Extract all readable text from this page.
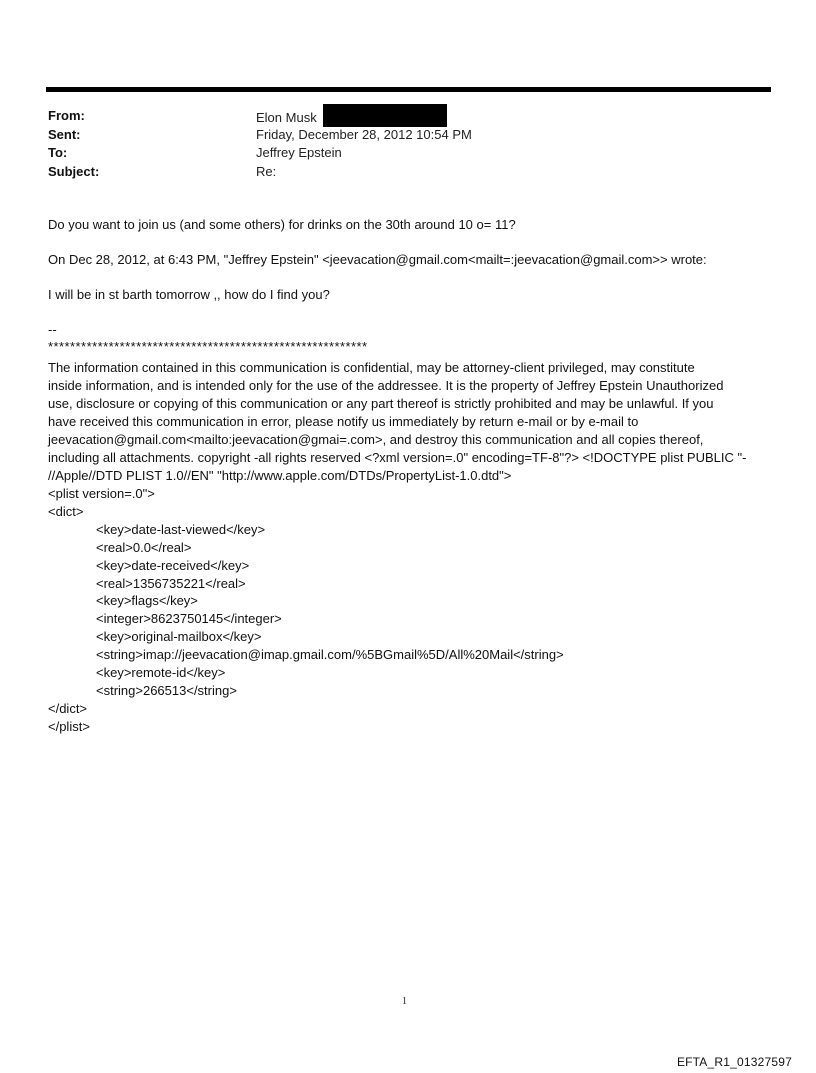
From:	Elon Musk
Sent:	Friday, December 28, 2012 10:54 PM
To:	Jeffrey Epstein
Subject:	Re:
Do you want to join us (and some others) for drinks on the 30th around 10 o= 11?
On Dec 28, 2012, at 6:43 PM, "Jeffrey Epstein" <jeevacation@gmail.com<mailt=:jeevacation@gmail.com>> wrote:
I will be in st barth tomorrow ,, how do I find you?
--
**********************************************************
The information contained in this communication is confidential, may be attorney-client privileged, may constitute
inside information, and is intended only for the use of the addressee. It is the property of Jeffrey Epstein Unauthorized
use, disclosure or copying of this communication or any part thereof is strictly prohibited and may be unlawful. If you
have received this communication in error, please notify us immediately by return e-mail or by e-mail to
jeevacation@gmail.com<mailto:jeevacation@gmai=.com>, and destroy this communication and all copies thereof,
including all attachments. copyright -all rights reserved <?xml version=.0" encoding=TF-8"?> <!DOCTYPE plist PUBLIC "-
//Apple//DTD PLIST 1.0//EN" "http://www.apple.com/DTDs/PropertyList-1.0.dtd">
<plist version=.0">
<dict>
<key>date-last-viewed</key>
<real>0.0</real>
<key>date-received</key>
<real>1356735221</real>
<key>flags</key>
<integer>8623750145</integer>
<key>original-mailbox</key>
<string>imap://jeevacation@imap.gmail.com/%5BGmail%5D/All%20Mail</string>
<key>remote-id</key>
<string>266513</string>
</dict>
</plist>
1
EFTA_R1_01327597
